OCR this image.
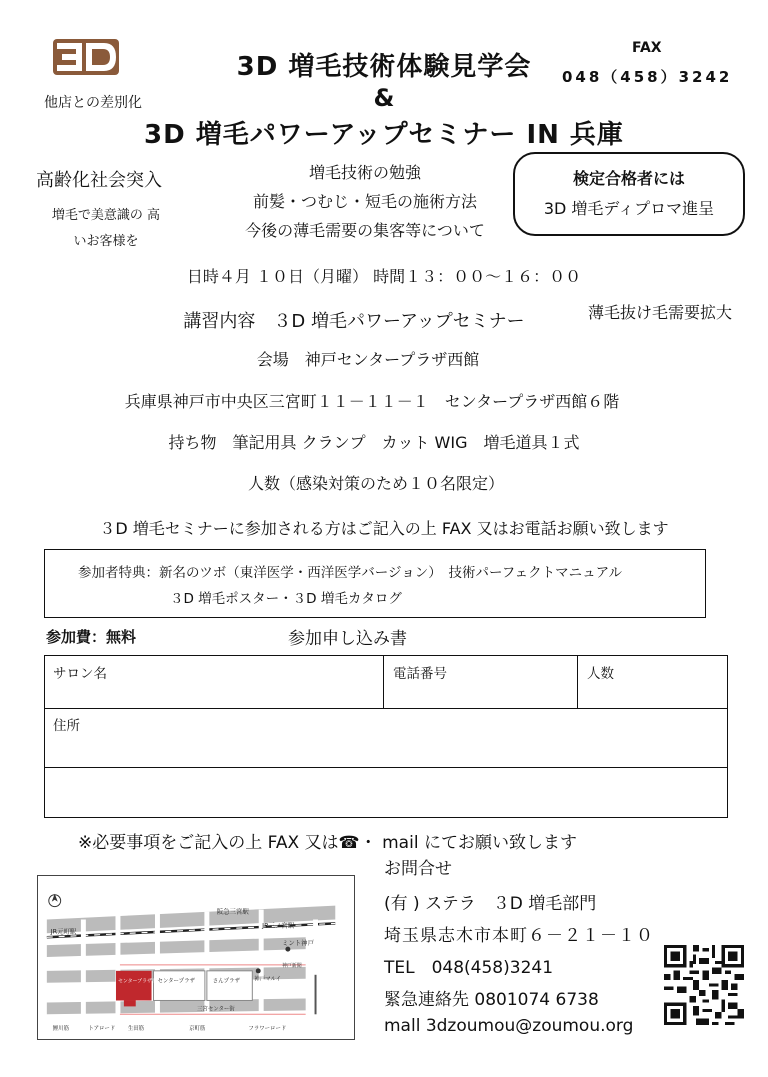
FAX
048（458）3242
3D 増毛技術体験見学会
&
3D 増毛パワーアップセミナー IN 兵庫
他店との差別化
高齢化社会突入
増毛で美意識の 高いお客様を
増毛技術の勉強
前髪・つむじ・短毛の施術方法
今後の薄毛需要の集客等について
検定合格者には
3D 増毛ディプロマ進呈
日時４月 １０日（月曜） 時間１３：００～１６：００
講習内容　３D 増毛パワーアップセミナー	薄毛抜け毛需要拡大
会場　神戸センタープラザ西館
兵庫県神戸市中央区三宮町１１－１１－１　センタープラザ西館６階
持ち物　筆記用具 クランプ　カット WIG　増毛道具１式
人数（感染対策のため１０名限定）
３D 増毛セミナーに参加される方はご記入の上 FAX 又はお電話お願い致します
参加者特典：新名のツボ（東洋医学・西洋医学バージョン）　技術パーフェクトマニュアル
３D 増毛ポスター・３D 増毛カタログ
参加費：無料	参加申し込み書
サロン名	電話番号	人数
住所
※必要事項をご記入の上 FAX 又は☎・ mail にてお願い致します
お問合せ
(有 ) ステラ　３D 増毛部門
埼玉県志木市本町６－２１－１０
TEL　048(458)3241
緊急連絡先 0801074 6738
mall 3dzoumou@zoumou.org
阪急三宮駅
JR元町駅
JR三ノ宮駅
ミント神戸
神戸新聞
センタープラザ西館
センタープラザ	さんプラザ	神戸マルイ
三宮センター街
鯉川筋	トアロード 生田筋	京町筋	フラワーロード
